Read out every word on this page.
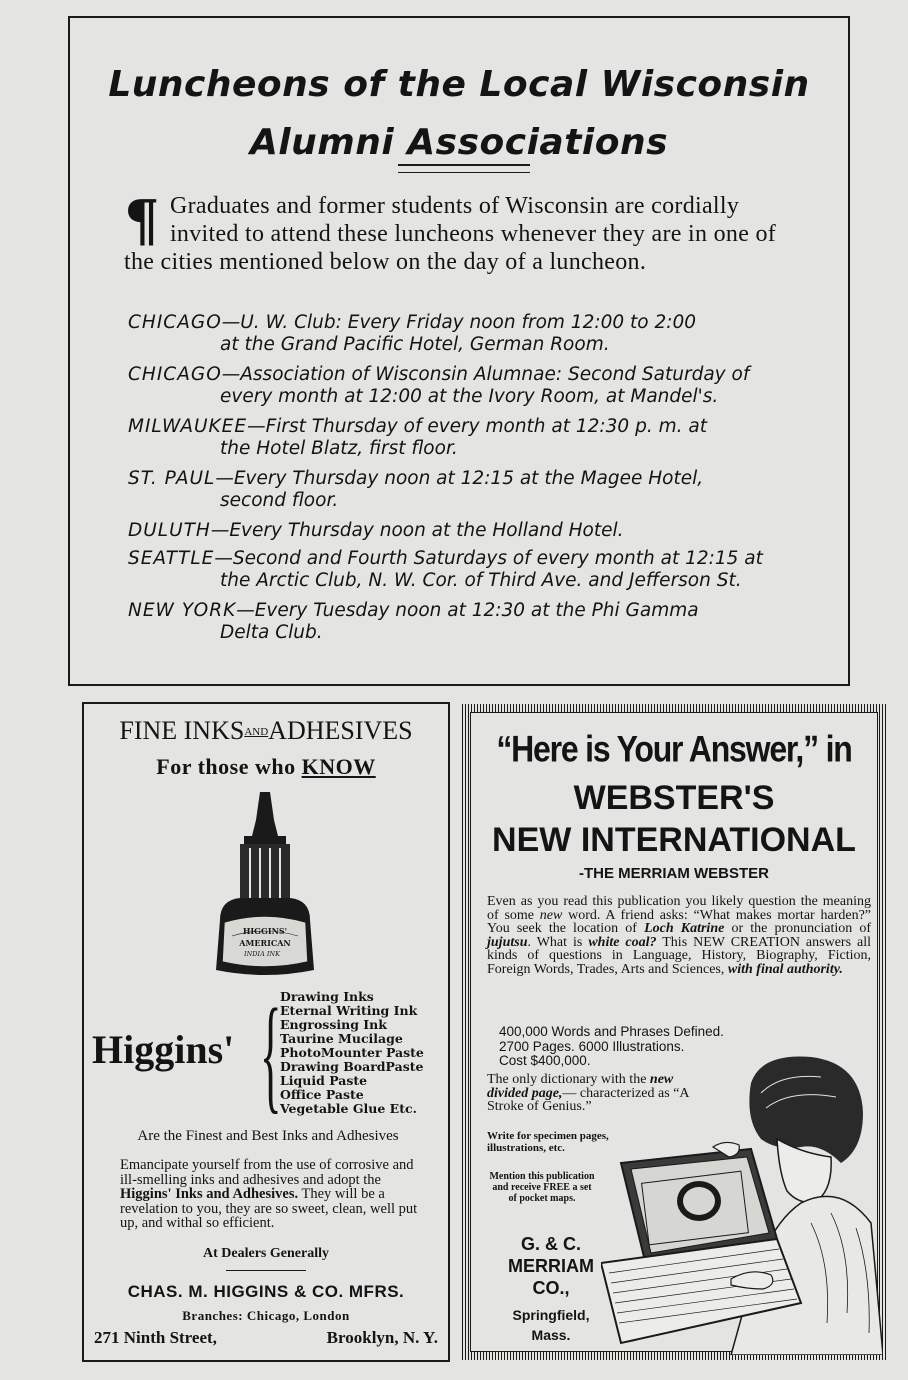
Luncheons of the Local Wisconsin
Alumni Associations
¶ Graduates and former students of Wisconsin are cordially invited to attend these luncheons whenever they are in one of the cities mentioned below on the day of a luncheon.
CHICAGO—U. W. Club: Every Friday noon from 12:00 to 2:00
at the Grand Pacific Hotel, German Room.
CHICAGO—Association of Wisconsin Alumnae: Second Saturday of
every month at 12:00 at the Ivory Room, at Mandel's.
MILWAUKEE—First Thursday of every month at 12:30 p. m. at
the Hotel Blatz, first floor.
ST. PAUL—Every Thursday noon at 12:15 at the Magee Hotel,
second floor.
DULUTH—Every Thursday noon at the Holland Hotel.
SEATTLE—Second and Fourth Saturdays of every month at 12:15 at
the Arctic Club, N. W. Cor. of Third Ave. and Jefferson St.
NEW YORK—Every Tuesday noon at 12:30 at the Phi Gamma
Delta Club.
FINE INKSANDADHESIVES
For those who KNOW
HIGGINS'
AMERICAN
INDIA INK
Higgins' {
Drawing Inks
Eternal Writing Ink
Engrossing Ink
Taurine Mucilage
PhotoMounter Paste
Drawing BoardPaste
Liquid Paste
Office Paste
Vegetable Glue Etc.
Are the Finest and Best Inks and Adhesives
Emancipate yourself from the use of corrosive and ill-smelling inks and adhesives and adopt the Higgins' Inks and Adhesives. They will be a revelation to you, they are so sweet, clean, well put up, and withal so efficient.
At Dealers Generally
CHAS. M. HIGGINS & CO. MFRS.
Branches: Chicago, London
271 Ninth Street,	Brooklyn, N. Y.
“Here is Your Answer,” in
WEBSTER'S
NEW INTERNATIONAL
-THE MERRIAM WEBSTER
Even as you read this publication you likely question the meaning of some new word. A friend asks: “What makes mortar harden?” You seek the location of Loch Katrine or the pronunciation of jujutsu. What is white coal? This NEW CREATION answers all kinds of questions in Language, History, Biography, Fiction, Foreign Words, Trades, Arts and Sciences, with final authority.
400,000 Words and Phrases Defined.
2700 Pages. 6000 Illustrations.
Cost $400,000.
The only dictionary with the new divided page,— characterized as “A Stroke of Genius.”
Write for specimen pages, illustrations, etc.
Mention this publication and receive FREE a set of pocket maps.
G. & C.
MERRIAM
CO.,
Springfield,
Mass.
